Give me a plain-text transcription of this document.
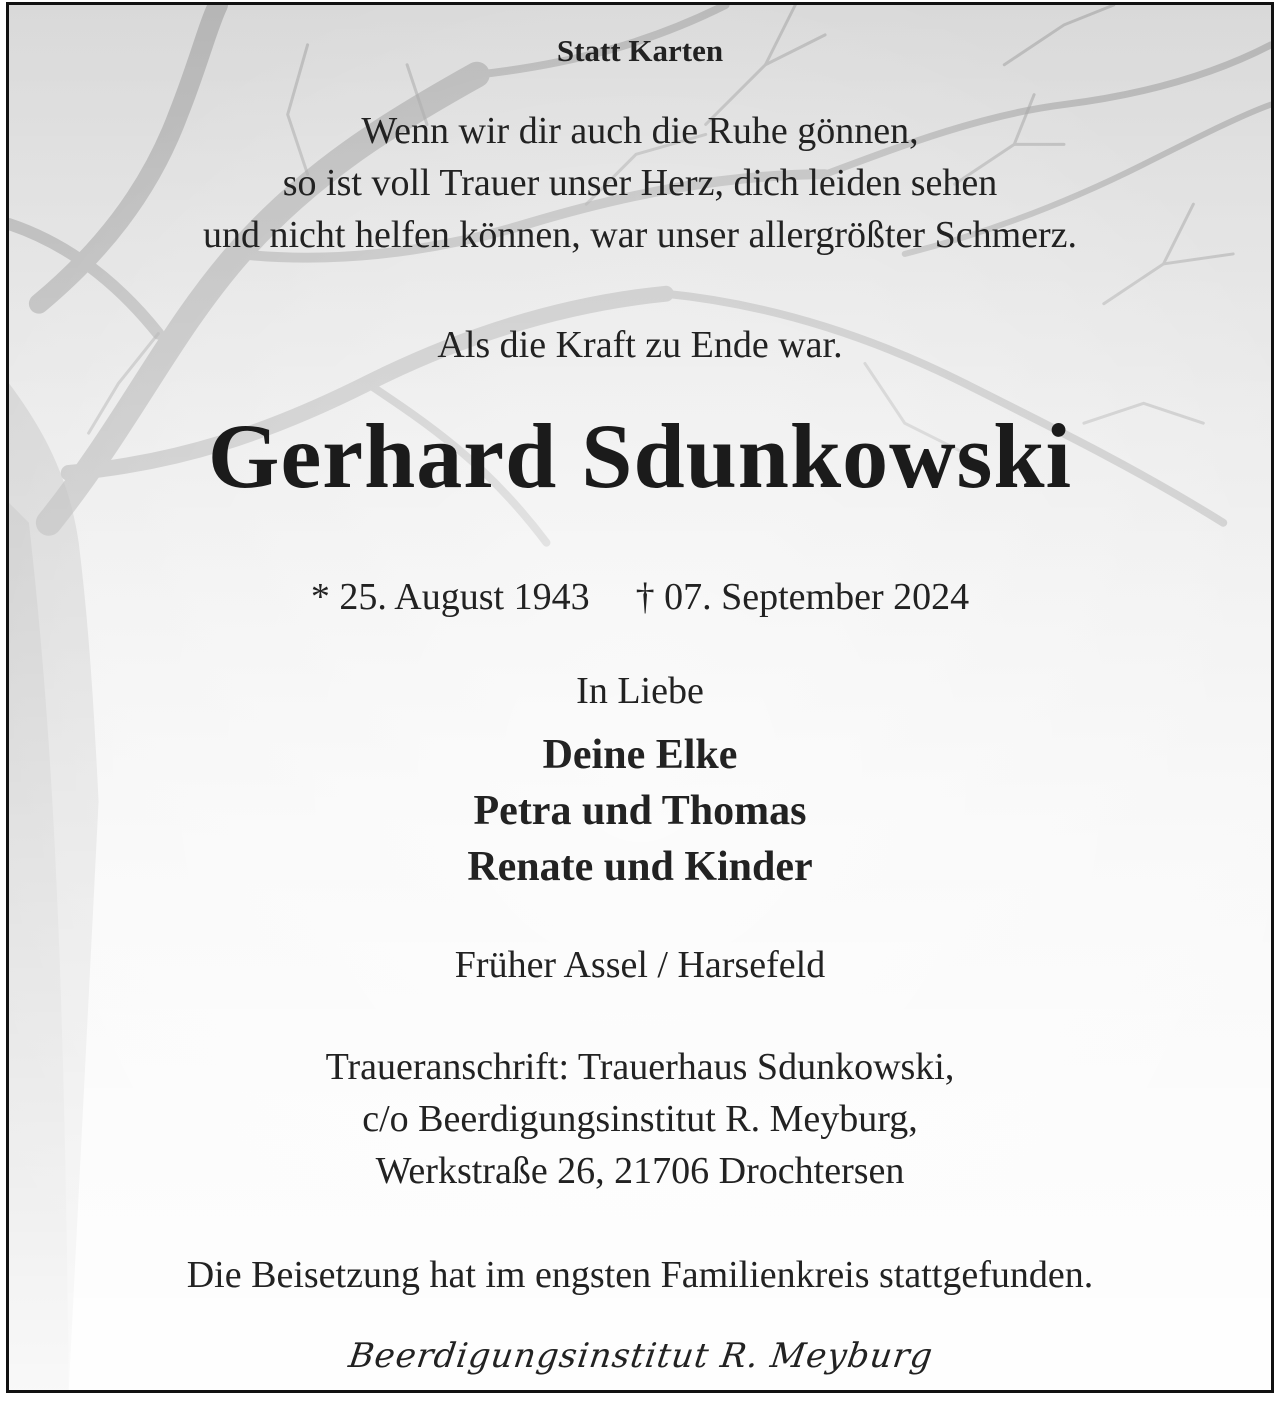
Statt Karten
Wenn wir dir auch die Ruhe gönnen,
so ist voll Trauer unser Herz, dich leiden sehen
und nicht helfen können, war unser allergrößter Schmerz.
Als die Kraft zu Ende war.
Gerhard Sdunkowski
* 25. August 1943 † 07. September 2024
In Liebe
Deine Elke
Petra und Thomas
Renate und Kinder
Früher Assel / Harsefeld
Traueranschrift: Trauerhaus Sdunkowski,
c/o Beerdigungsinstitut R. Meyburg,
Werkstraße 26, 21706 Drochtersen
Die Beisetzung hat im engsten Familienkreis stattgefunden.
Beerdigungsinstitut R. Meyburg
